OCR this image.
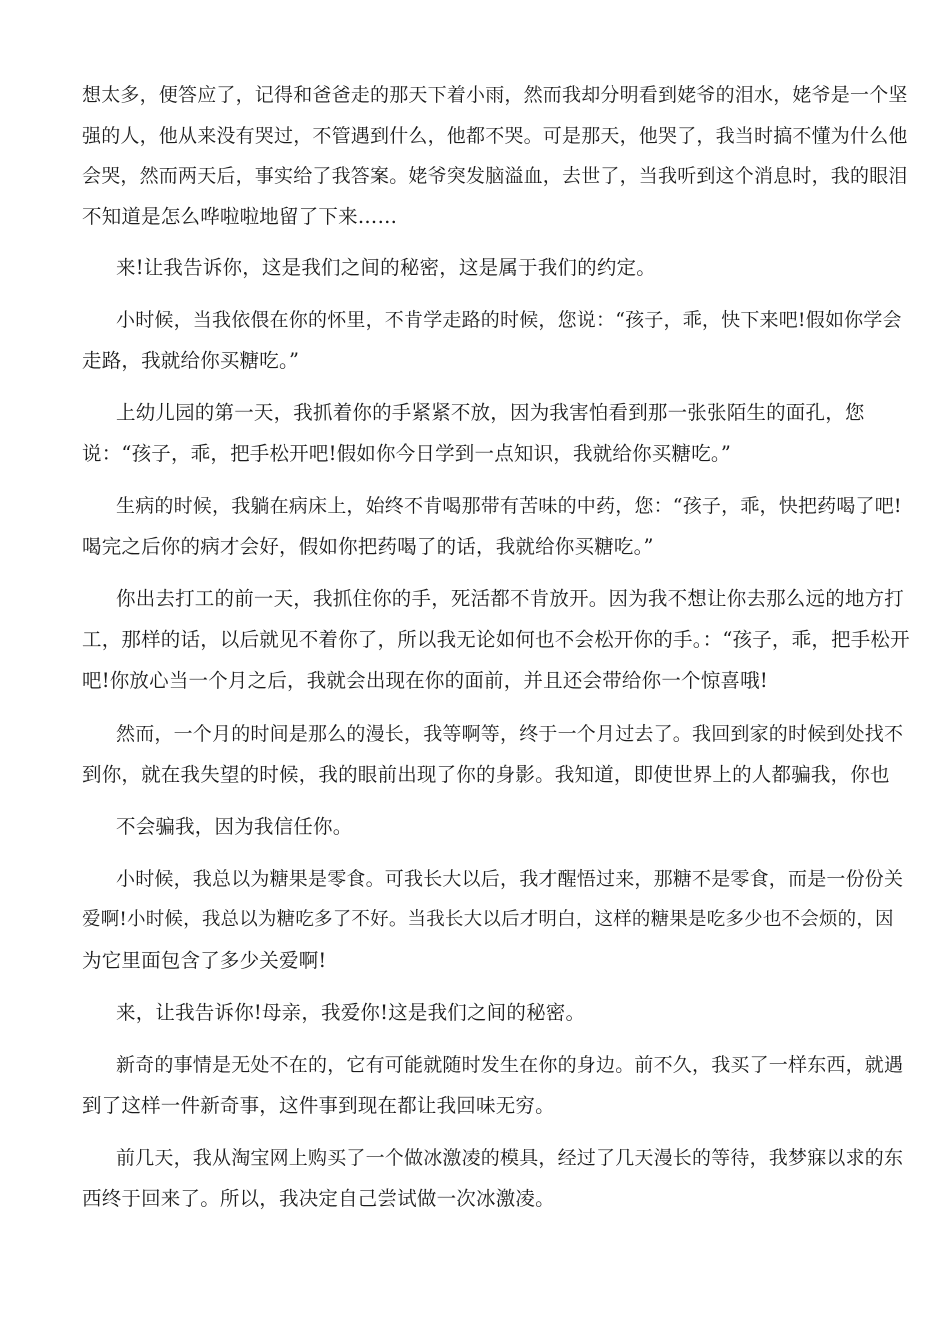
想太多，便答应了，记得和爸爸走的那天下着小雨，然而我却分明看到姥爷的泪水，姥爷是一个坚
强的人，他从来没有哭过，不管遇到什么，他都不哭。可是那天，他哭了，我当时搞不懂为什么他
会哭，然而两天后，事实给了我答案。姥爷突发脑溢血，去世了，当我听到这个消息时，我的眼泪
不知道是怎么哗啦啦地留了下来……
来!让我告诉你，这是我们之间的秘密，这是属于我们的约定。
小时候，当我依偎在你的怀里，不肯学走路的时候，您说：“孩子，乖，快下来吧!假如你学会
走路，我就给你买糖吃。”
上幼儿园的第一天，我抓着你的手紧紧不放，因为我害怕看到那一张张陌生的面孔，您
说：“孩子，乖，把手松开吧!假如你今日学到一点知识，我就给你买糖吃。”
生病的时候，我躺在病床上，始终不肯喝那带有苦味的中药，您：“孩子，乖，快把药喝了吧!
喝完之后你的病才会好，假如你把药喝了的话，我就给你买糖吃。”
你出去打工的前一天，我抓住你的手，死活都不肯放开。因为我不想让你去那么远的地方打
工，那样的话，以后就见不着你了，所以我无论如何也不会松开你的手。：“孩子，乖，把手松开
吧!你放心当一个月之后，我就会出现在你的面前，并且还会带给你一个惊喜哦!
然而，一个月的时间是那么的漫长，我等啊等，终于一个月过去了。我回到家的时候到处找不
到你，就在我失望的时候，我的眼前出现了你的身影。我知道，即使世界上的人都骗我，你也
不会骗我，因为我信任你。
小时候，我总以为糖果是零食。可我长大以后，我才醒悟过来，那糖不是零食，而是一份份关
爱啊!小时候，我总以为糖吃多了不好。当我长大以后才明白，这样的糖果是吃多少也不会烦的，因
为它里面包含了多少关爱啊!
来，让我告诉你!母亲，我爱你!这是我们之间的秘密。
新奇的事情是无处不在的，它有可能就随时发生在你的身边。前不久，我买了一样东西，就遇
到了这样一件新奇事，这件事到现在都让我回味无穷。
前几天，我从淘宝网上购买了一个做冰激凌的模具，经过了几天漫长的等待，我梦寐以求的东
西终于回来了。所以，我决定自己尝试做一次冰激凌。
